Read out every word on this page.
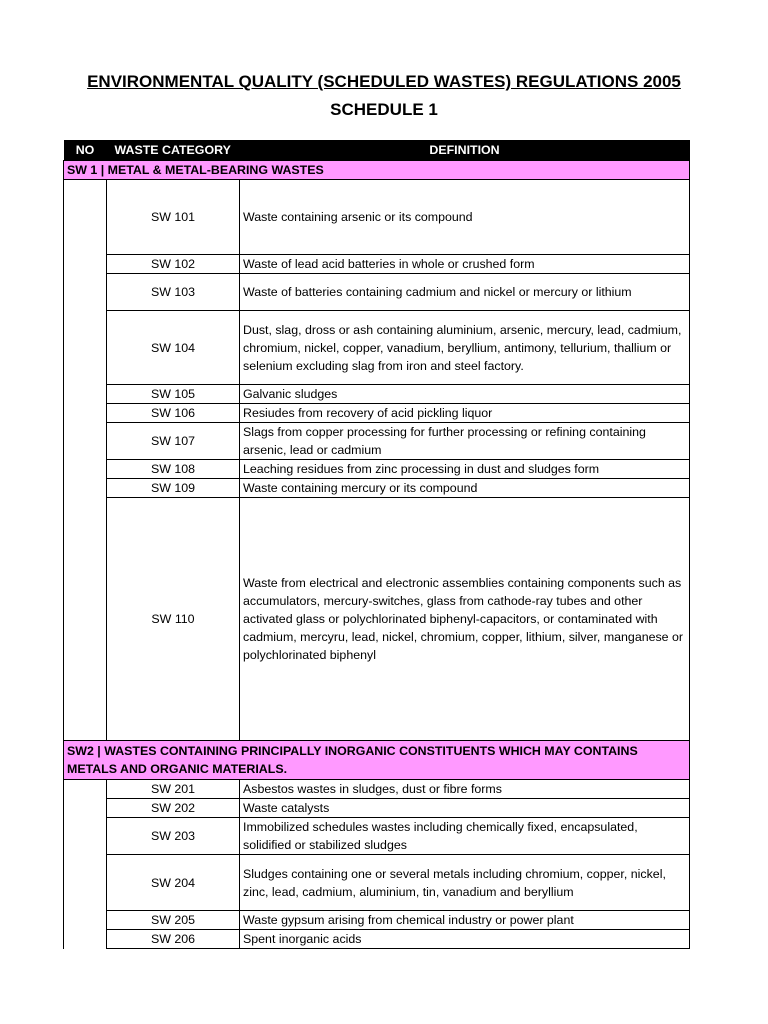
ENVIRONMENTAL QUALITY (SCHEDULED WASTES) REGULATIONS 2005
SCHEDULE 1
NO	WASTE CATEGORY	DEFINITION
SW 1 | METAL & METAL-BEARING WASTES		
	SW 101	Waste containing arsenic or its compound
	SW 102	Waste of lead acid batteries in whole or crushed form
	SW 103	Waste of batteries containing cadmium and nickel or mercury or lithium
	SW 104	Dust, slag, dross or ash containing aluminium, arsenic, mercury, lead, cadmium, chromium, nickel, copper, vanadium, beryllium, antimony, tellurium, thallium or selenium excluding slag from iron and steel factory.
	SW 105	Galvanic sludges
	SW 106	Resiudes from recovery of acid pickling liquor
	SW 107	Slags from copper processing for further processing or refining containing arsenic, lead or cadmium
	SW 108	Leaching residues from zinc processing in dust and sludges form
	SW 109	Waste containing mercury or its compound
	SW 110	Waste from electrical and electronic assemblies containing components such as accumulators, mercury-switches, glass from cathode-ray tubes and other activated glass or polychlorinated biphenyl-capacitors, or contaminated with cadmium, mercyru, lead, nickel, chromium, copper, lithium, silver, manganese or polychlorinated biphenyl
SW2 | WASTES CONTAINING PRINCIPALLY INORGANIC CONSTITUENTS WHICH MAY CONTAINS METALS AND ORGANIC MATERIALS.		
	SW 201	Asbestos wastes in sludges, dust or fibre forms
	SW 202	Waste catalysts
	SW 203	Immobilized schedules wastes including chemically fixed, encapsulated, solidified or stabilized sludges
	SW 204	Sludges containing one or several metals including chromium, copper, nickel, zinc, lead, cadmium, aluminium, tin, vanadium and beryllium
	SW 205	Waste gypsum arising from chemical industry or power plant
	SW 206	Spent inorganic acids
